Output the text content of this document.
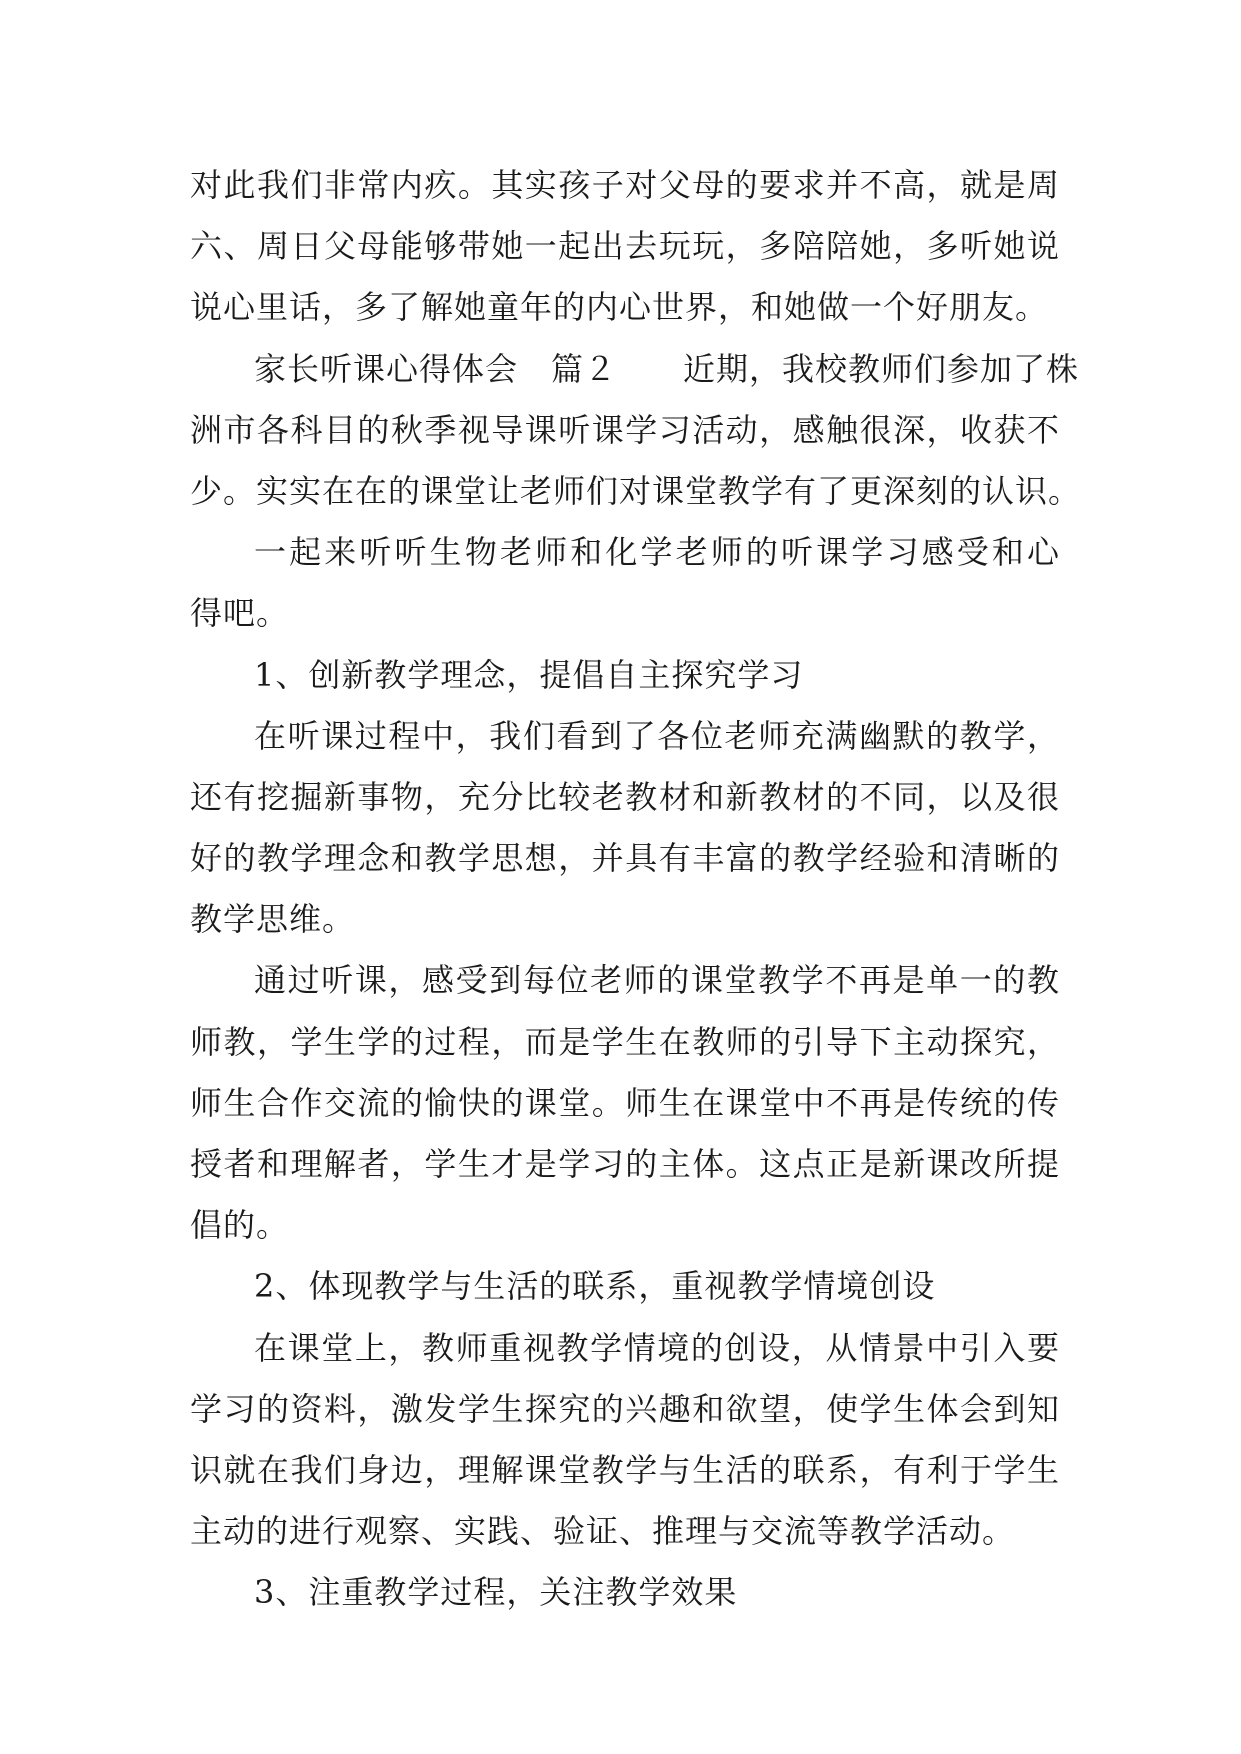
对此我们非常内疚。其实孩子对父母的要求并不高，就是周
六、周日父母能够带她一起出去玩玩，多陪陪她，多听她说
说心里话，多了解她童年的内心世界，和她做一个好朋友。
家长听课心得体会　篇２　　近期，我校教师们参加了株
洲市各科目的秋季视导课听课学习活动，感触很深，收获不
少。实实在在的课堂让老师们对课堂教学有了更深刻的认识。
一起来听听生物老师和化学老师的听课学习感受和心
得吧。
1、创新教学理念，提倡自主探究学习
在听课过程中，我们看到了各位老师充满幽默的教学，
还有挖掘新事物，充分比较老教材和新教材的不同，以及很
好的教学理念和教学思想，并具有丰富的教学经验和清晰的
教学思维。
通过听课，感受到每位老师的课堂教学不再是单一的教
师教，学生学的过程，而是学生在教师的引导下主动探究，
师生合作交流的愉快的课堂。师生在课堂中不再是传统的传
授者和理解者，学生才是学习的主体。这点正是新课改所提
倡的。
2、体现教学与生活的联系，重视教学情境创设
在课堂上，教师重视教学情境的创设，从情景中引入要
学习的资料，激发学生探究的兴趣和欲望，使学生体会到知
识就在我们身边，理解课堂教学与生活的联系，有利于学生
主动的进行观察、实践、验证、推理与交流等教学活动。
3、注重教学过程，关注教学效果
